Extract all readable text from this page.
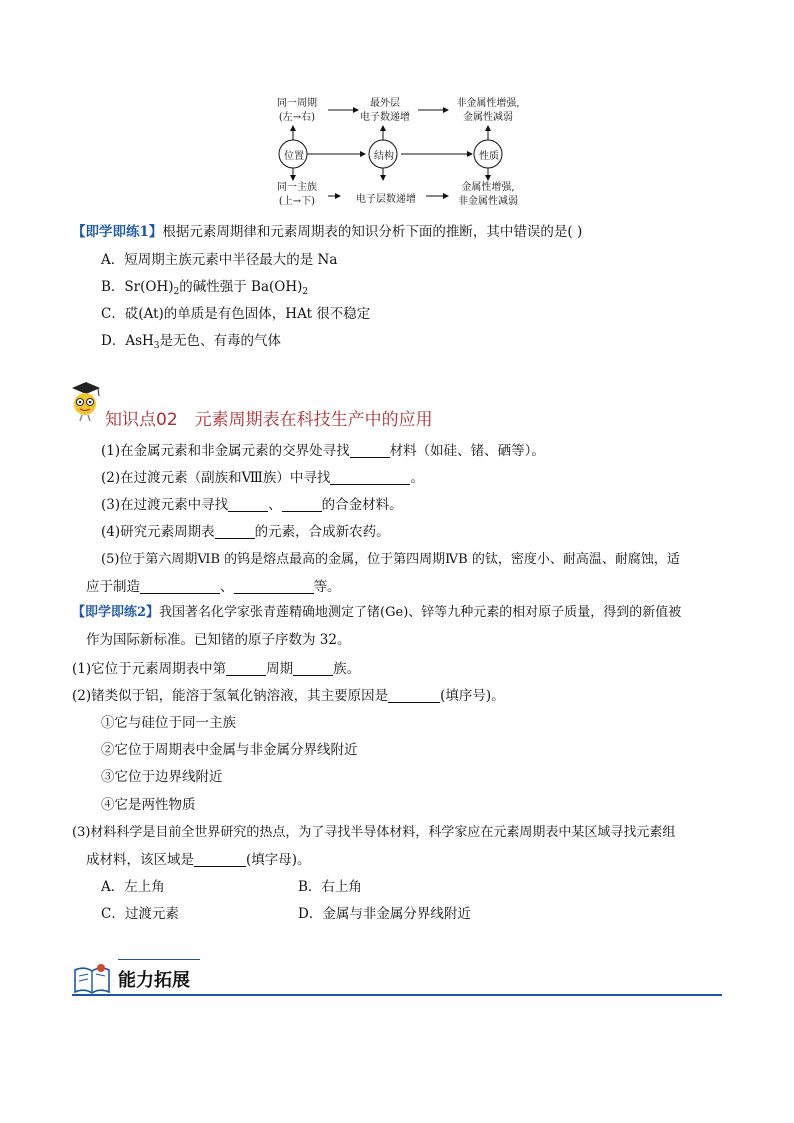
同一周期
(左→右)
最外层
电子数递增
非金属性增强,
金属性减弱
位置	结构	性质
同一主族
(上→下)	电子层数递增
金属性增强,
非金属性减弱
【即学即练1】根据元素周期律和元素周期表的知识分析下面的推断，其中错误的是( )
A．短周期主族元素中半径最大的是 Na
B．$Sr(OH)_2$的碱性强于 $Ba(OH)_2$
C．砹(At)的单质是有色固体，HAt 很不稳定
D．AsH$_3$是无色、有毒的气体
知识点02　元素周期表在科技生产中的应用
(1)在金属元素和非金属元素的交界处寻找	材料（如硅、锗、硒等）。
(2)在过渡元素（副族和Ⅷ族）中寻找	。
(3)在过渡元素中寻找	、	的合金材料。
(4)研究元素周期表	的元素，合成新农药。
(5)位于第六周期ⅥB 的钨是熔点最高的金属，位于第四周期ⅣB 的钛，密度小、耐高温、耐腐蚀，适
应于制造	、	等。
【即学即练2】我国著名化学家张青莲精确地测定了锗(Ge)、锌等九种元素的相对原子质量，得到的新值被
作为国际新标准。已知锗的原子序数为 32。
(1)它位于元素周期表中第	周期	族。
(2)锗类似于铝，能溶于氢氧化钠溶液，其主要原因是	(填序号)。
①它与硅位于同一主族
②它位于周期表中金属与非金属分界线附近
③它位于边界线附近
④它是两性物质
(3)材料科学是目前全世界研究的热点，为了寻找半导体材料，科学家应在元素周期表中某区域寻找元素组
成材料，该区域是	(填字母)。
A．左上角	B．右上角
C．过渡元素	D．金属与非金属分界线附近
能力拓展
